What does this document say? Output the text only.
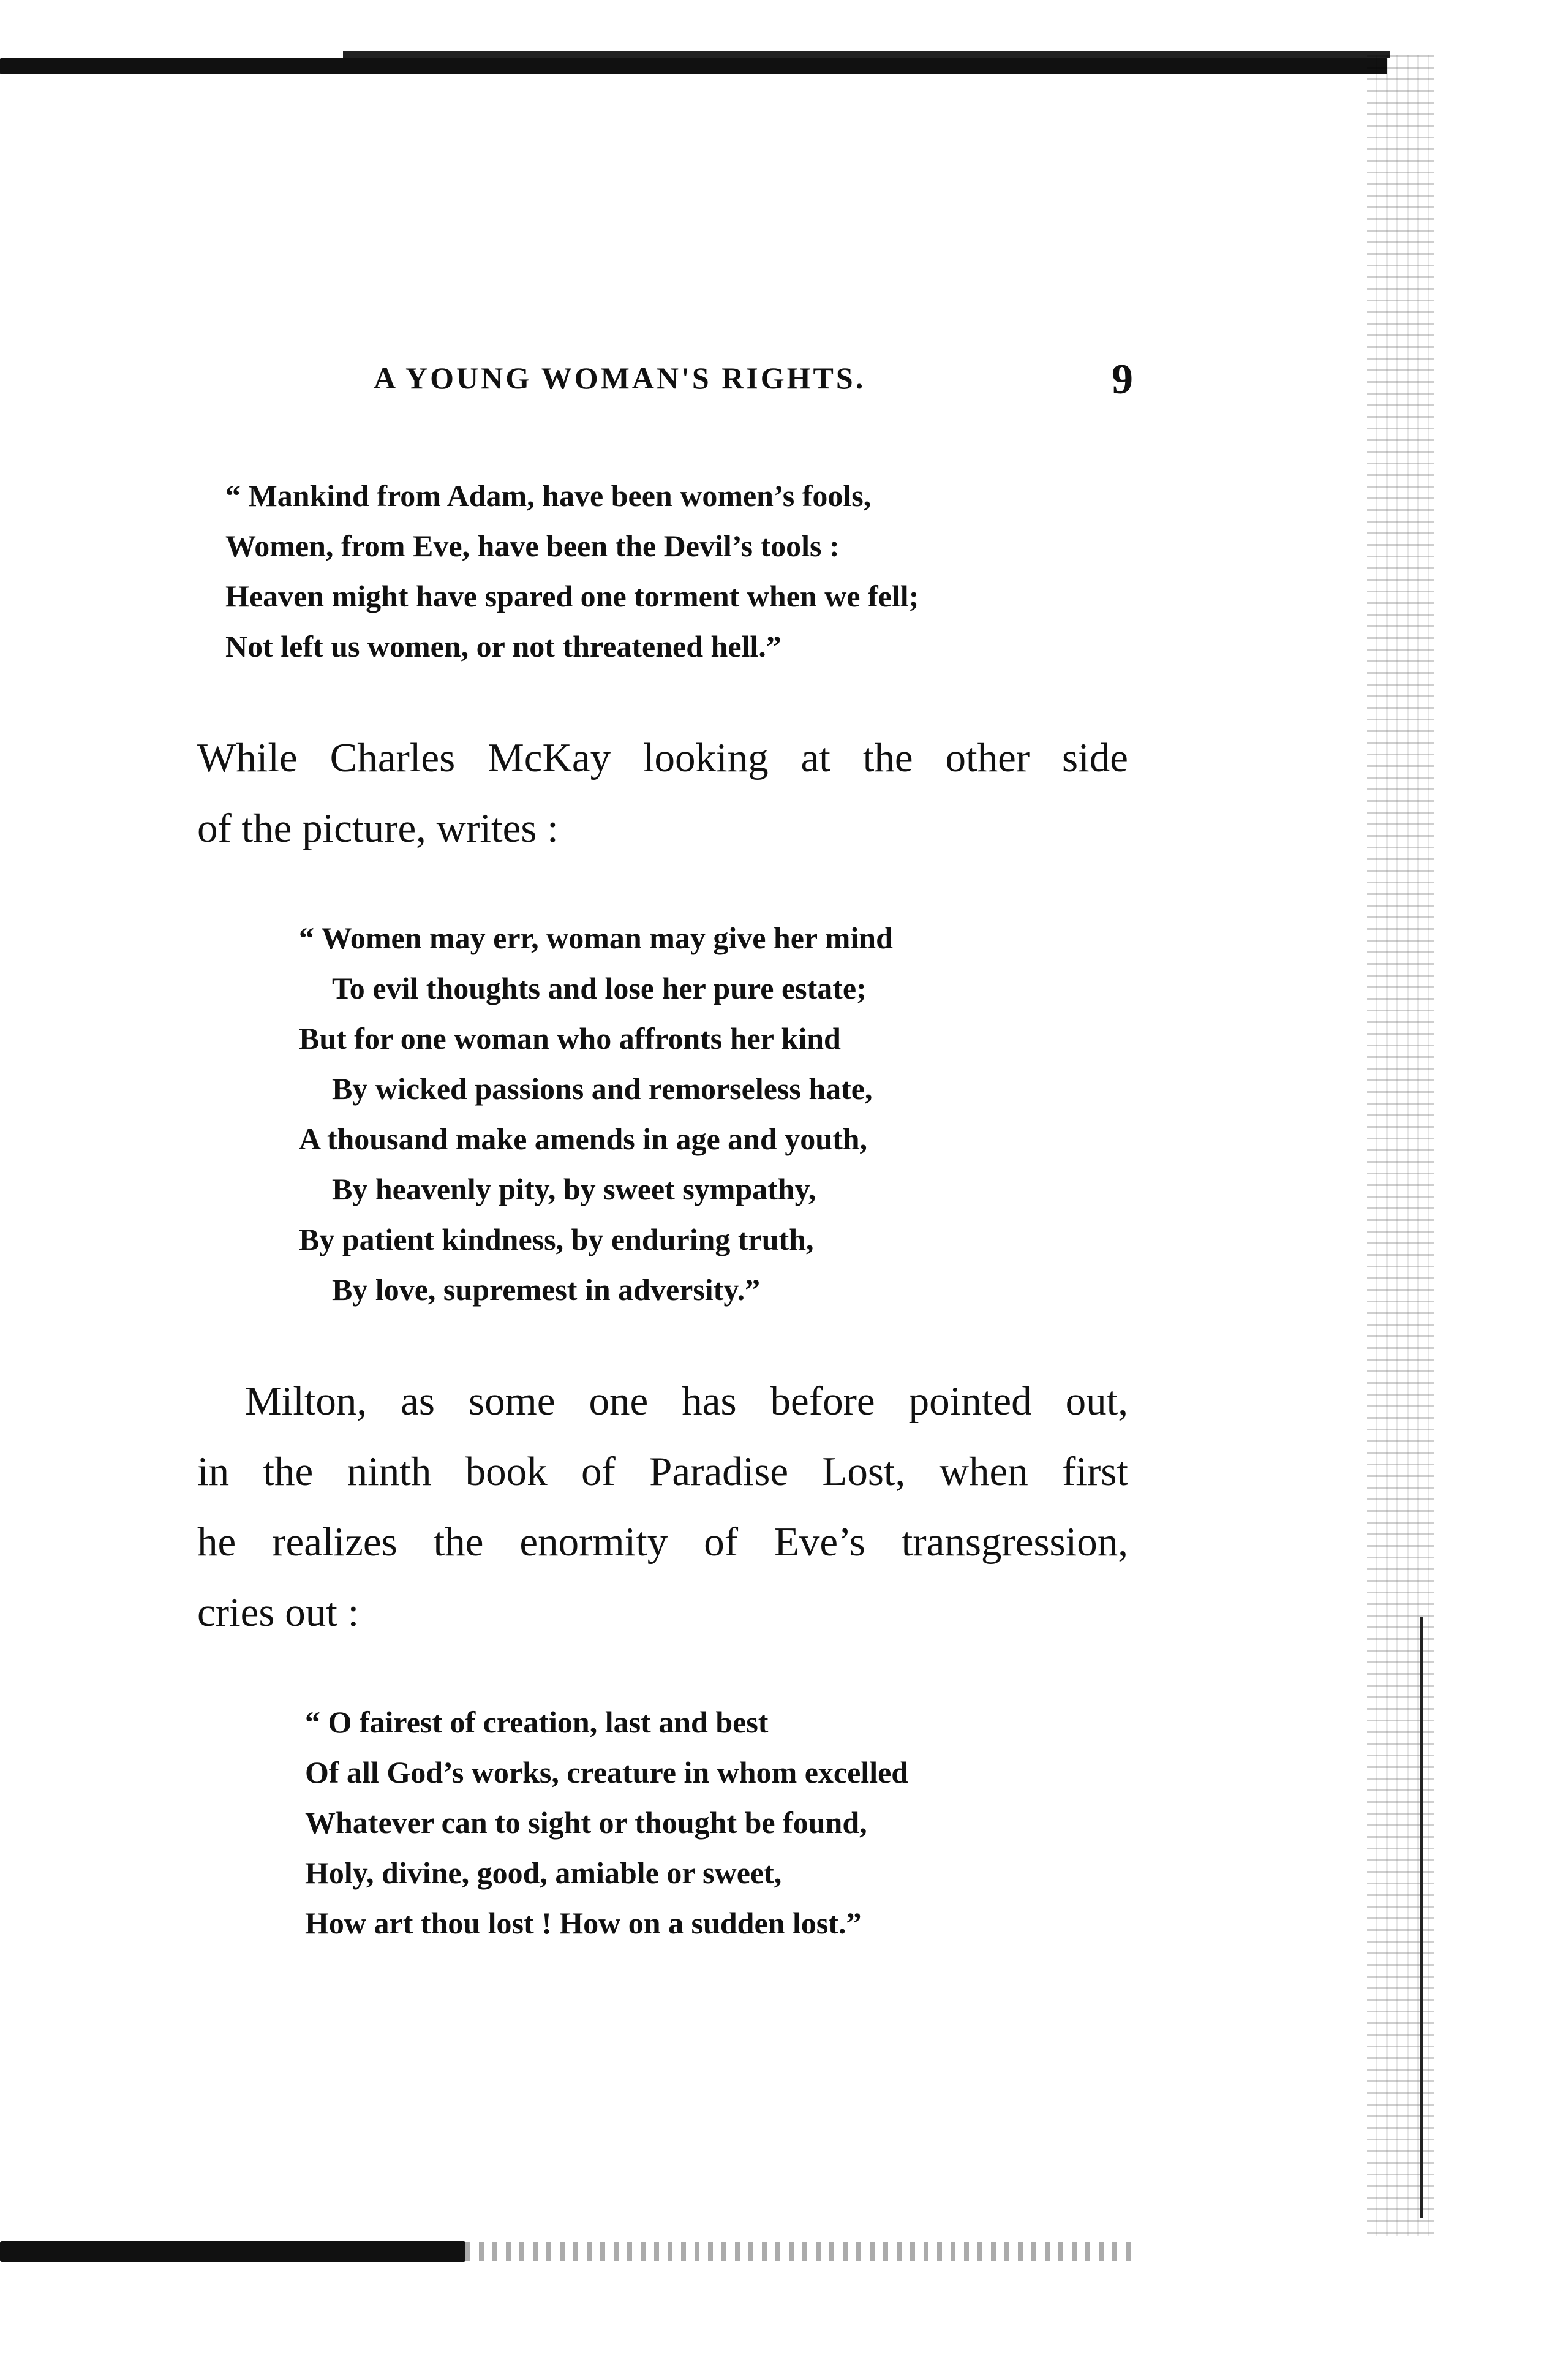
A YOUNG WOMAN'S RIGHTS.	9
“ Mankind from Adam, have been women’s fools,
Women, from Eve, have been the Devil’s tools :
Heaven might have spared one torment when we fell;
Not left us women, or not threatened hell.”
While Charles McKay looking at the other side
of the picture, writes :
“ Women may err, woman may give her mind
To evil thoughts and lose her pure estate;
But for one woman who affronts her kind
By wicked passions and remorseless hate,
A thousand make amends in age and youth,
By heavenly pity, by sweet sympathy,
By patient kindness, by enduring truth,
By love, supremest in adversity.”
Milton, as some one has before pointed out,
in the ninth book of Paradise Lost, when first
he realizes the enormity of Eve’s transgression,
cries out :
“ O fairest of creation, last and best
Of all God’s works, creature in whom excelled
Whatever can to sight or thought be found,
Holy, divine, good, amiable or sweet,
How art thou lost ! How on a sudden lost.”
